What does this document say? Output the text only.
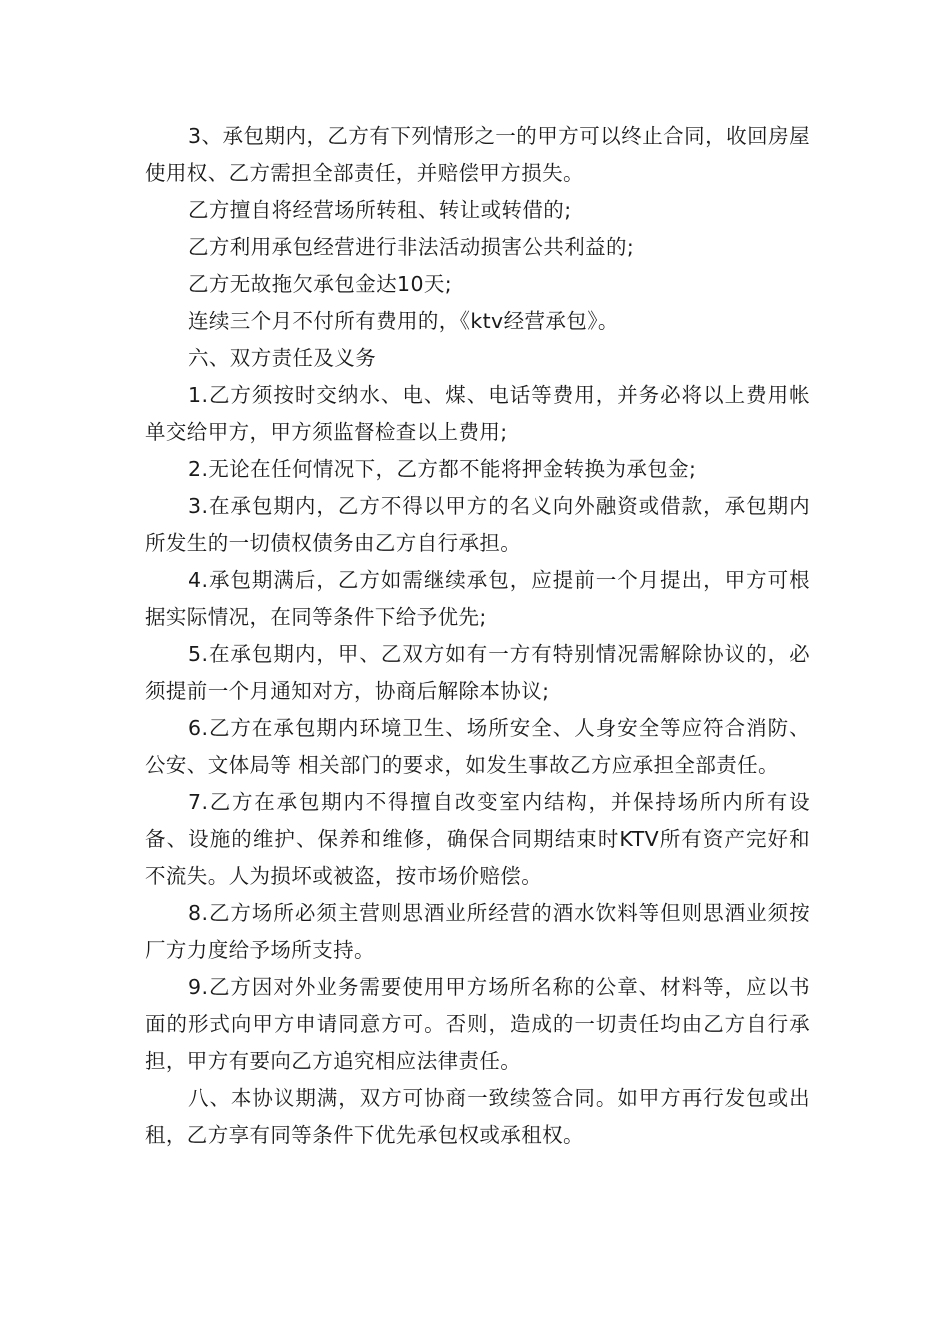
3、承包期内，乙方有下列情形之一的甲方可以终止合同，收回房屋使用权、乙方需担全部责任，并赔偿甲方损失。

乙方擅自将经营场所转租、转让或转借的;

乙方利用承包经营进行非法活动损害公共利益的;

乙方无故拖欠承包金达10天;

连续三个月不付所有费用的，《ktv经营承包》。

六、双方责任及义务

1.乙方须按时交纳水、电、煤、电话等费用，并务必将以上费用帐单交给甲方，甲方须监督检查以上费用;

2.无论在任何情况下，乙方都不能将押金转换为承包金;

3.在承包期内，乙方不得以甲方的名义向外融资或借款，承包期内所发生的一切债权债务由乙方自行承担。

4.承包期满后，乙方如需继续承包，应提前一个月提出，甲方可根据实际情况，在同等条件下给予优先;

5.在承包期内，甲、乙双方如有一方有特别情况需解除协议的，必须提前一个月通知对方，协商后解除本协议;

6.乙方在承包期内环境卫生、场所安全、人身安全等应符合消防、公安、文体局等 相关部门的要求，如发生事故乙方应承担全部责任。

7.乙方在承包期内不得擅自改变室内结构，并保持场所内所有设备、设施的维护、保养和维修，确保合同期结束时KTV所有资产完好和不流失。人为损坏或被盗，按市场价赔偿。

8.乙方场所必须主营则思酒业所经营的酒水饮料等但则思酒业须按厂方力度给予场所支持。

9.乙方因对外业务需要使用甲方场所名称的公章、材料等，应以书面的形式向甲方申请同意方可。否则，造成的一切责任均由乙方自行承担，甲方有要向乙方追究相应法律责任。

八、本协议期满，双方可协商一致续签合同。如甲方再行发包或出租，乙方享有同等条件下优先承包权或承租权。
